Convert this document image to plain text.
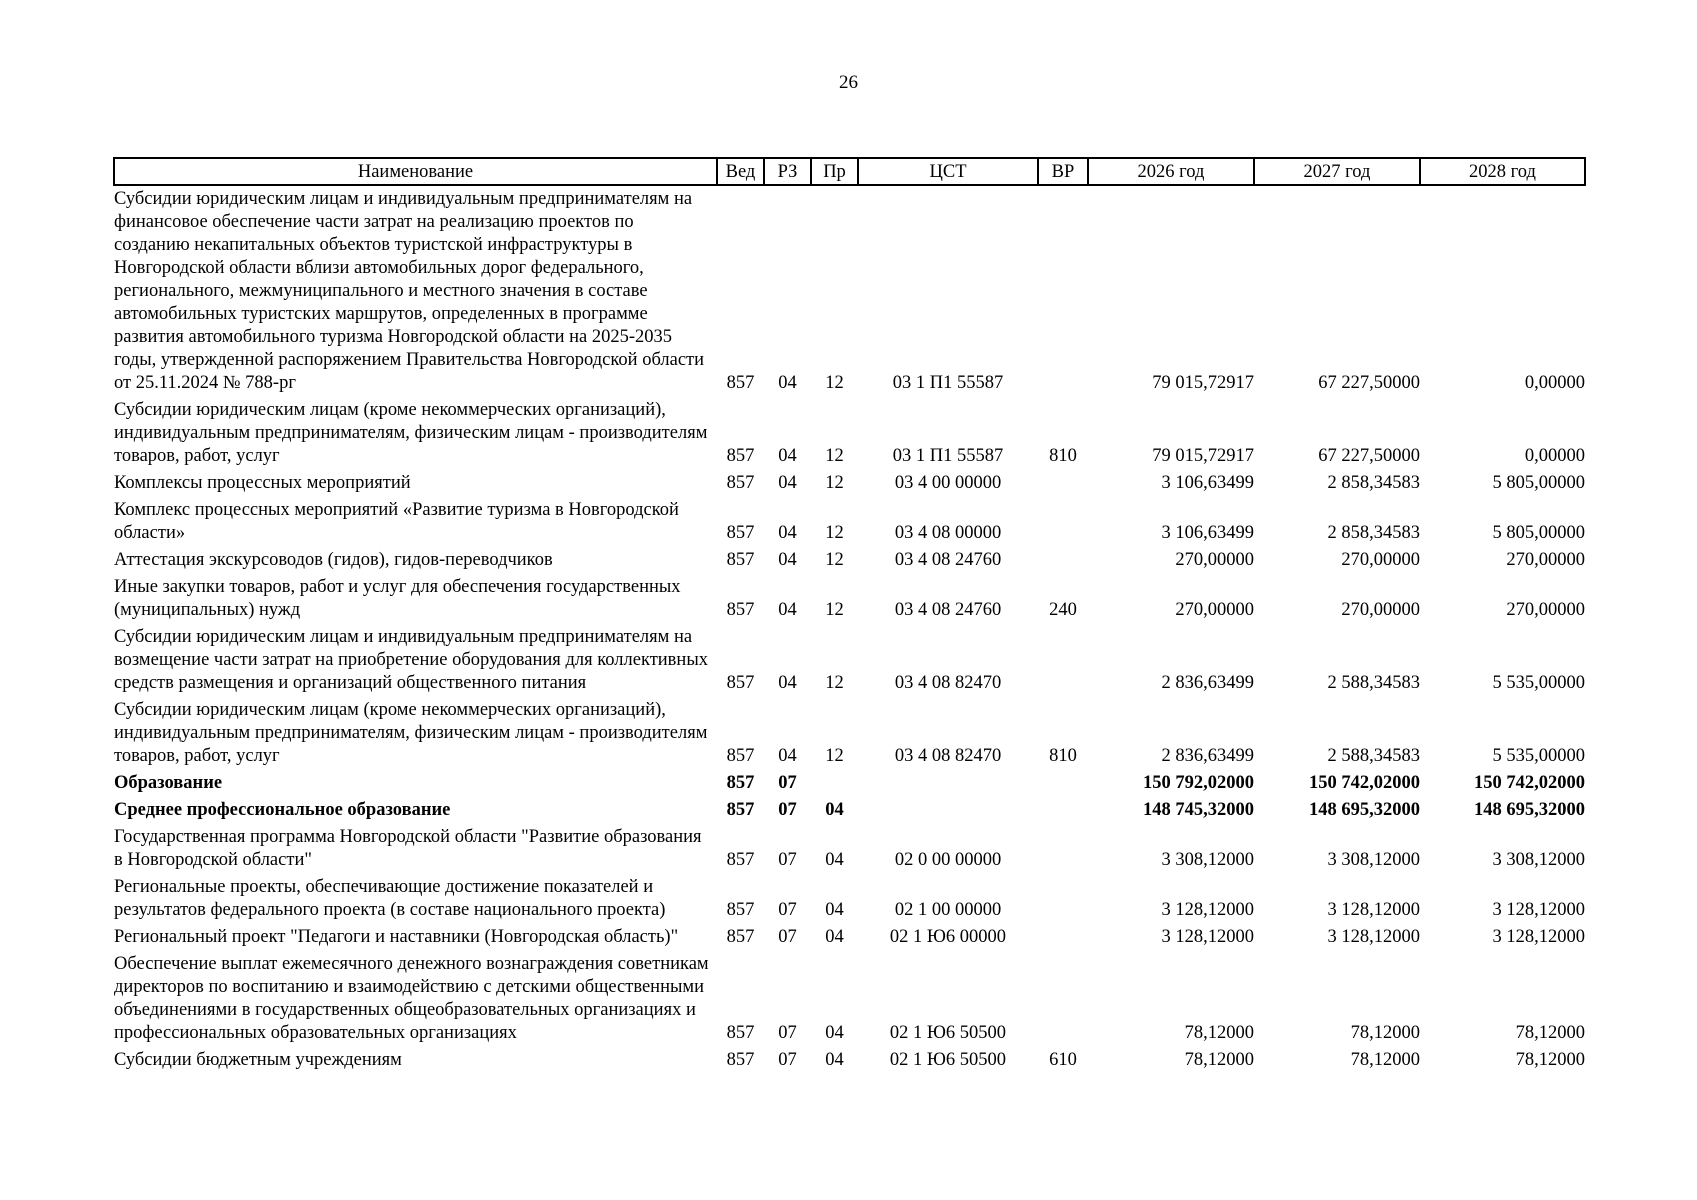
26
Наименование	Вед	РЗ	Пр	ЦСТ	ВР	2026 год	2027 год	2028 год
Субсидии юридическим лицам и индивидуальным предпринимателям на финансовое обеспечение части затрат на реализацию проектов по созданию некапитальных объектов туристской инфраструктуры в Новгородской области вблизи автомобильных дорог федерального, регионального, межмуниципального и местного значения в составе автомобильных туристских маршрутов, определенных в программе развития автомобильного туризма Новгородской области на 2025-2035 годы, утвержденной распоряжением Правительства Новгородской области от 25.11.2024 № 788-рг	857	04	12	03 1 П1 55587		79 015,72917	67 227,50000	0,00000
Субсидии юридическим лицам (кроме некоммерческих организаций), индивидуальным предпринимателям, физическим лицам - производителям товаров, работ, услуг	857	04	12	03 1 П1 55587	810	79 015,72917	67 227,50000	0,00000
Комплексы процессных мероприятий	857	04	12	03 4 00 00000		3 106,63499	2 858,34583	5 805,00000
Комплекс процессных мероприятий «Развитие туризма в Новгородской области»	857	04	12	03 4 08 00000		3 106,63499	2 858,34583	5 805,00000
Аттестация экскурсоводов (гидов), гидов-переводчиков	857	04	12	03 4 08 24760		270,00000	270,00000	270,00000
Иные закупки товаров, работ и услуг для обеспечения государственных (муниципальных) нужд	857	04	12	03 4 08 24760	240	270,00000	270,00000	270,00000
Субсидии юридическим лицам и индивидуальным предпринимателям на возмещение части затрат на приобретение оборудования для коллективных средств размещения и организаций общественного питания	857	04	12	03 4 08 82470		2 836,63499	2 588,34583	5 535,00000
Субсидии юридическим лицам (кроме некоммерческих организаций), индивидуальным предпринимателям, физическим лицам - производителям товаров, работ, услуг	857	04	12	03 4 08 82470	810	2 836,63499	2 588,34583	5 535,00000
Образование	857	07				150 792,02000	150 742,02000	150 742,02000
Среднее профессиональное образование	857	07	04			148 745,32000	148 695,32000	148 695,32000
Государственная программа Новгородской области "Развитие образования в Новгородской области"	857	07	04	02 0 00 00000		3 308,12000	3 308,12000	3 308,12000
Региональные проекты, обеспечивающие достижение показателей и результатов федерального проекта (в составе национального проекта)	857	07	04	02 1 00 00000		3 128,12000	3 128,12000	3 128,12000
Региональный проект "Педагоги и наставники (Новгородская область)"	857	07	04	02 1 Ю6 00000		3 128,12000	3 128,12000	3 128,12000
Обеспечение выплат ежемесячного денежного вознаграждения советникам директоров по воспитанию и взаимодействию с детскими общественными объединениями в государственных общеобразовательных организациях и профессиональных образовательных организациях	857	07	04	02 1 Ю6 50500		78,12000	78,12000	78,12000
Субсидии бюджетным учреждениям	857	07	04	02 1 Ю6 50500	610	78,12000	78,12000	78,12000
